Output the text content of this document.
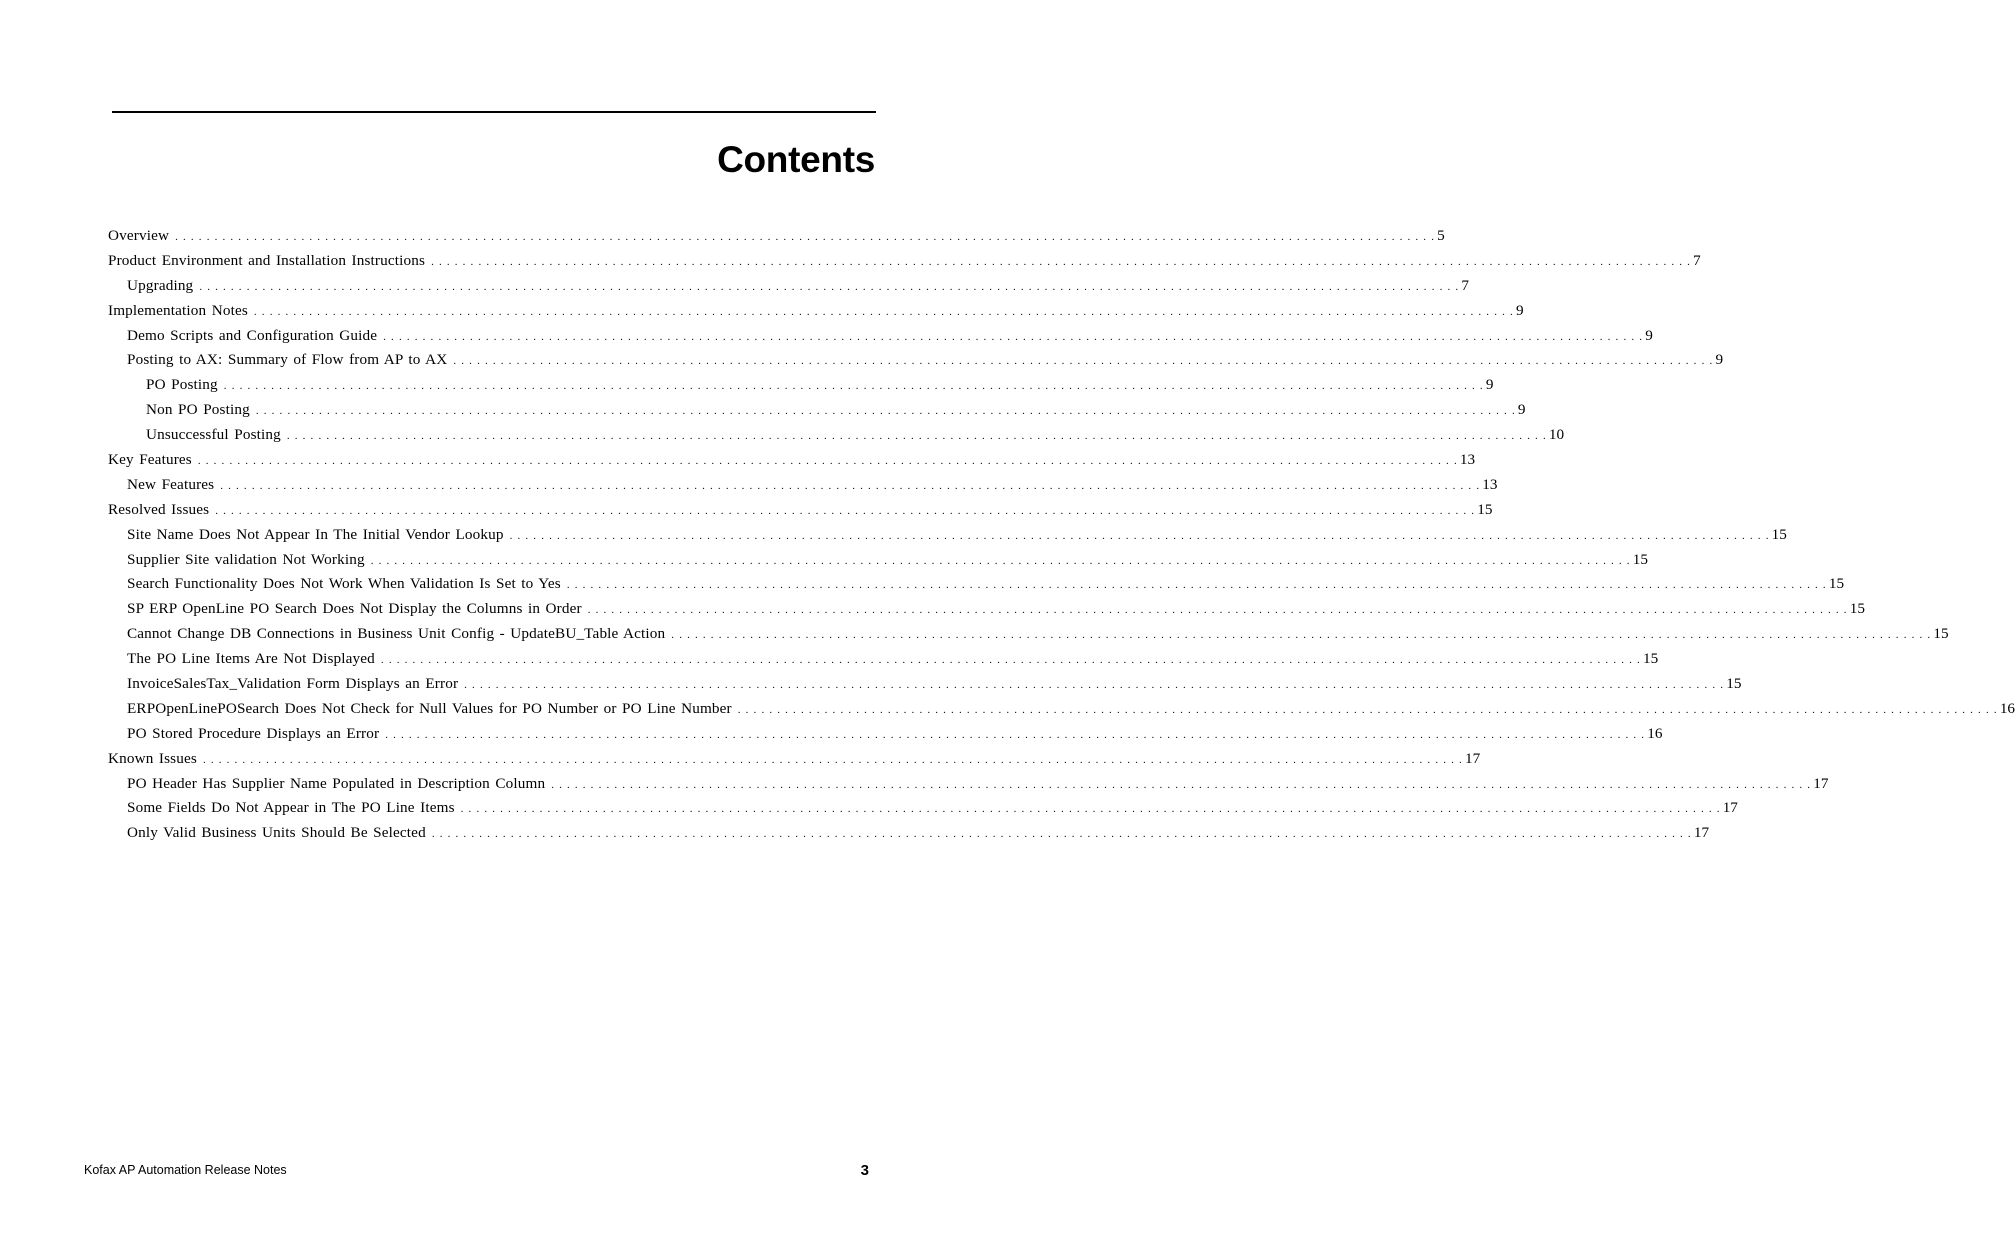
Contents
Overview . . . . . . . . . . . . . . . . . . . . . . . . . . . . . . . . . . . . . . . . . . . . . . . . . . . . . . . . . . . . . . . . . . . . . . . . . . . . . . . . . . . . . . . . . . . . . . . . . . . . . . . . . . . . . . . . . . . . . . . . . . . . . . . . . . . . . . . . . . . . . . . . . . . . . . . . . . . . . . . . 5
Product Environment and Installation Instructions . . . . . . . . . . . . . . . . . . . . . . . . . . . . . . . . . . . . . . . . . . . . . . . . . . . . . . . . . . . . . . . . . . . . . . . . . . . . . . . . . . . . . . . . . . . . . . . . . . . . . . . . . . . . . . . . . . . . . . . . . . . . . . . . . . . . . . . . . . . . . . . . . . . . . . . . . . . . . . . . 7
Upgrading . . . . . . . . . . . . . . . . . . . . . . . . . . . . . . . . . . . . . . . . . . . . . . . . . . . . . . . . . . . . . . . . . . . . . . . . . . . . . . . . . . . . . . . . . . . . . . . . . . . . . . . . . . . . . . . . . . . . . . . . . . . . . . . . . . . . . . . . . . . . . . . . . . . . . . . . . . . . . . . . 7
Implementation Notes . . . . . . . . . . . . . . . . . . . . . . . . . . . . . . . . . . . . . . . . . . . . . . . . . . . . . . . . . . . . . . . . . . . . . . . . . . . . . . . . . . . . . . . . . . . . . . . . . . . . . . . . . . . . . . . . . . . . . . . . . . . . . . . . . . . . . . . . . . . . . . . . . . . . . . . . . . . . . . . . 9
Demo Scripts and Configuration Guide . . . . . . . . . . . . . . . . . . . . . . . . . . . . . . . . . . . . . . . . . . . . . . . . . . . . . . . . . . . . . . . . . . . . . . . . . . . . . . . . . . . . . . . . . . . . . . . . . . . . . . . . . . . . . . . . . . . . . . . . . . . . . . . . . . . . . . . . . . . . . . . . . . . . . . . . . . . . . . . . 9
Posting to AX: Summary of Flow from AP to AX . . . . . . . . . . . . . . . . . . . . . . . . . . . . . . . . . . . . . . . . . . . . . . . . . . . . . . . . . . . . . . . . . . . . . . . . . . . . . . . . . . . . . . . . . . . . . . . . . . . . . . . . . . . . . . . . . . . . . . . . . . . . . . . . . . . . . . . . . . . . . . . . . . . . . . . . . . . . . . . . 9
PO Posting . . . . . . . . . . . . . . . . . . . . . . . . . . . . . . . . . . . . . . . . . . . . . . . . . . . . . . . . . . . . . . . . . . . . . . . . . . . . . . . . . . . . . . . . . . . . . . . . . . . . . . . . . . . . . . . . . . . . . . . . . . . . . . . . . . . . . . . . . . . . . . . . . . . . . . . . . . . . . . . . 9
Non PO Posting . . . . . . . . . . . . . . . . . . . . . . . . . . . . . . . . . . . . . . . . . . . . . . . . . . . . . . . . . . . . . . . . . . . . . . . . . . . . . . . . . . . . . . . . . . . . . . . . . . . . . . . . . . . . . . . . . . . . . . . . . . . . . . . . . . . . . . . . . . . . . . . . . . . . . . . . . . . . . . . . 9
Unsuccessful Posting . . . . . . . . . . . . . . . . . . . . . . . . . . . . . . . . . . . . . . . . . . . . . . . . . . . . . . . . . . . . . . . . . . . . . . . . . . . . . . . . . . . . . . . . . . . . . . . . . . . . . . . . . . . . . . . . . . . . . . . . . . . . . . . . . . . . . . . . . . . . . . . . . . . . . . . . . . . . . . . . 10
Key Features . . . . . . . . . . . . . . . . . . . . . . . . . . . . . . . . . . . . . . . . . . . . . . . . . . . . . . . . . . . . . . . . . . . . . . . . . . . . . . . . . . . . . . . . . . . . . . . . . . . . . . . . . . . . . . . . . . . . . . . . . . . . . . . . . . . . . . . . . . . . . . . . . . . . . . . . . . . . . . . . 13
New Features . . . . . . . . . . . . . . . . . . . . . . . . . . . . . . . . . . . . . . . . . . . . . . . . . . . . . . . . . . . . . . . . . . . . . . . . . . . . . . . . . . . . . . . . . . . . . . . . . . . . . . . . . . . . . . . . . . . . . . . . . . . . . . . . . . . . . . . . . . . . . . . . . . . . . . . . . . . . . . . . 13
Resolved Issues . . . . . . . . . . . . . . . . . . . . . . . . . . . . . . . . . . . . . . . . . . . . . . . . . . . . . . . . . . . . . . . . . . . . . . . . . . . . . . . . . . . . . . . . . . . . . . . . . . . . . . . . . . . . . . . . . . . . . . . . . . . . . . . . . . . . . . . . . . . . . . . . . . . . . . . . . . . . . . . . 15
Site Name Does Not Appear In The Initial Vendor Lookup . . . . . . . . . . . . . . . . . . . . . . . . . . . . . . . . . . . . . . . . . . . . . . . . . . . . . . . . . . . . . . . . . . . . . . . . . . . . . . . . . . . . . . . . . . . . . . . . . . . . . . . . . . . . . . . . . . . . . . . . . . . . . . . . . . . . . . . . . . . . . . . . . . . . . . . . . . . . . . . . 15
Supplier Site validation Not Working . . . . . . . . . . . . . . . . . . . . . . . . . . . . . . . . . . . . . . . . . . . . . . . . . . . . . . . . . . . . . . . . . . . . . . . . . . . . . . . . . . . . . . . . . . . . . . . . . . . . . . . . . . . . . . . . . . . . . . . . . . . . . . . . . . . . . . . . . . . . . . . . . . . . . . . . . . . . . . . . 15
Search Functionality Does Not Work When Validation Is Set to Yes . . . . . . . . . . . . . . . . . . . . . . . . . . . . . . . . . . . . . . . . . . . . . . . . . . . . . . . . . . . . . . . . . . . . . . . . . . . . . . . . . . . . . . . . . . . . . . . . . . . . . . . . . . . . . . . . . . . . . . . . . . . . . . . . . . . . . . . . . . . . . . . . . . . . . . . . . . . . . . . . 15
SP ERP OpenLine PO Search Does Not Display the Columns in Order . . . . . . . . . . . . . . . . . . . . . . . . . . . . . . . . . . . . . . . . . . . . . . . . . . . . . . . . . . . . . . . . . . . . . . . . . . . . . . . . . . . . . . . . . . . . . . . . . . . . . . . . . . . . . . . . . . . . . . . . . . . . . . . . . . . . . . . . . . . . . . . . . . . . . . . . . . . . . . . . 15
Cannot Change DB Connections in Business Unit Config - UpdateBU_Table Action . . . . . . . . . . . . . . . . . . . . . . . . . . . . . . . . . . . . . . . . . . . . . . . . . . . . . . . . . . . . . . . . . . . . . . . . . . . . . . . . . . . . . . . . . . . . . . . . . . . . . . . . . . . . . . . . . . . . . . . . . . . . . . . . . . . . . . . . . . . . . . . . . . . . . . . . . . . . . . . . 15
The PO Line Items Are Not Displayed . . . . . . . . . . . . . . . . . . . . . . . . . . . . . . . . . . . . . . . . . . . . . . . . . . . . . . . . . . . . . . . . . . . . . . . . . . . . . . . . . . . . . . . . . . . . . . . . . . . . . . . . . . . . . . . . . . . . . . . . . . . . . . . . . . . . . . . . . . . . . . . . . . . . . . . . . . . . . . . . 15
InvoiceSalesTax_Validation Form Displays an Error . . . . . . . . . . . . . . . . . . . . . . . . . . . . . . . . . . . . . . . . . . . . . . . . . . . . . . . . . . . . . . . . . . . . . . . . . . . . . . . . . . . . . . . . . . . . . . . . . . . . . . . . . . . . . . . . . . . . . . . . . . . . . . . . . . . . . . . . . . . . . . . . . . . . . . . . . . . . . . . . 15
ERPOpenLinePOSearch Does Not Check for Null Values for PO Number or PO Line Number . . . . . . . . . . . . . . . . . . . . . . . . . . . . . . . . . . . . . . . . . . . . . . . . . . . . . . . . . . . . . . . . . . . . . . . . . . . . . . . . . . . . . . . . . . . . . . . . . . . . . . . . . . . . . . . . . . . . . . . . . . . . . . . . . . . . . . . . . . . . . . . . . . . . . . . . . . . . . . . . 16
PO Stored Procedure Displays an Error . . . . . . . . . . . . . . . . . . . . . . . . . . . . . . . . . . . . . . . . . . . . . . . . . . . . . . . . . . . . . . . . . . . . . . . . . . . . . . . . . . . . . . . . . . . . . . . . . . . . . . . . . . . . . . . . . . . . . . . . . . . . . . . . . . . . . . . . . . . . . . . . . . . . . . . . . . . . . . . . 16
Known Issues . . . . . . . . . . . . . . . . . . . . . . . . . . . . . . . . . . . . . . . . . . . . . . . . . . . . . . . . . . . . . . . . . . . . . . . . . . . . . . . . . . . . . . . . . . . . . . . . . . . . . . . . . . . . . . . . . . . . . . . . . . . . . . . . . . . . . . . . . . . . . . . . . . . . . . . . . . . . . . . . 17
PO Header Has Supplier Name Populated in Description Column . . . . . . . . . . . . . . . . . . . . . . . . . . . . . . . . . . . . . . . . . . . . . . . . . . . . . . . . . . . . . . . . . . . . . . . . . . . . . . . . . . . . . . . . . . . . . . . . . . . . . . . . . . . . . . . . . . . . . . . . . . . . . . . . . . . . . . . . . . . . . . . . . . . . . . . . . . . . . . . . 17
Some Fields Do Not Appear in The PO Line Items . . . . . . . . . . . . . . . . . . . . . . . . . . . . . . . . . . . . . . . . . . . . . . . . . . . . . . . . . . . . . . . . . . . . . . . . . . . . . . . . . . . . . . . . . . . . . . . . . . . . . . . . . . . . . . . . . . . . . . . . . . . . . . . . . . . . . . . . . . . . . . . . . . . . . . . . . . . . . . . . 17
Only Valid Business Units Should Be Selected . . . . . . . . . . . . . . . . . . . . . . . . . . . . . . . . . . . . . . . . . . . . . . . . . . . . . . . . . . . . . . . . . . . . . . . . . . . . . . . . . . . . . . . . . . . . . . . . . . . . . . . . . . . . . . . . . . . . . . . . . . . . . . . . . . . . . . . . . . . . . . . . . . . . . . . . . . . . . . . . 17
Kofax AP Automation Release Notes	3
